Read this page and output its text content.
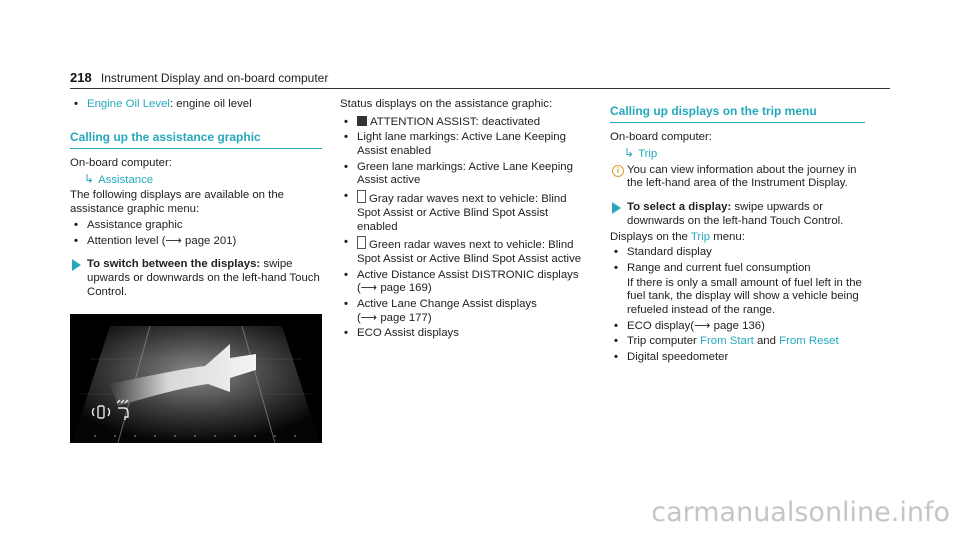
218 Instrument Display and on-board computer
• Engine Oil Level: engine oil level
Calling up the assistance graphic

On-board computer:

↳ Assistance

The following displays are available on the assistance graphic menu:

• Assistance graphic
• Attention level (⟶ page 201)
To switch between the displays: swipe upwards or downwards on the left-hand Touch Control.

Status displays on the assistance graphic:

• ATTENTION ASSIST: deactivated
• Light lane markings: Active Lane Keeping Assist enabled
• Green lane markings: Active Lane Keeping Assist active
• Gray radar waves next to vehicle: Blind Spot Assist or Active Blind Spot Assist enabled
• Green radar waves next to vehicle: Blind Spot Assist or Active Blind Spot Assist active
• Active Distance Assist DISTRONIC displays
(⟶ page 169)
• Active Lane Change Assist displays
(⟶ page 177)
• ECO Assist displays
Calling up displays on the trip menu

On-board computer:

↳ Trip
i You can view information about the journey in the left-hand area of the Instrument Display.
To select a display: swipe upwards or downwards on the left-hand Touch Control.

Displays on the Trip menu:

• Standard display
• Range and current fuel consumption
If there is only a small amount of fuel left in the fuel tank, the display will show a vehicle being refueled instead of the range.
• ECO display(⟶ page 136)
• Trip computer From Start and From Reset
• Digital speedometer
carmanualsonline.info
